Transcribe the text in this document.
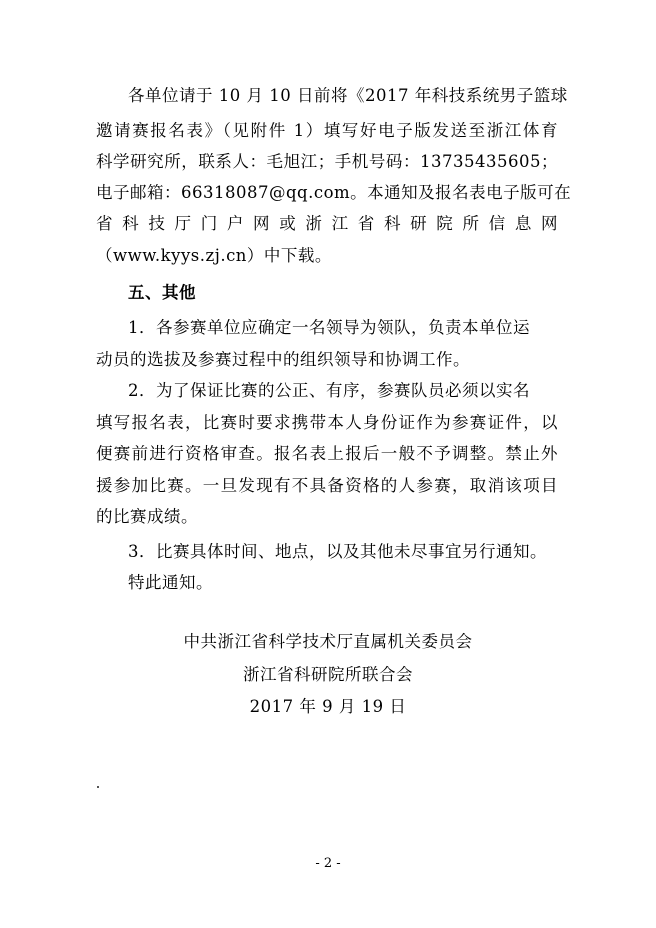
各单位请于 10 月 10 日前将《2017 年科技系统男子篮球
邀请赛报名表》（见附件 1）填写好电子版发送至浙江体育
科学研究所，联系人：毛旭江；手机号码：13735435605；
电子邮箱：66318087@qq.com。本通知及报名表电子版可在
省科技厅门户网或浙江省科研院所信息网
（www.kyys.zj.cn）中下载。
五、其他
1．各参赛单位应确定一名领导为领队，负责本单位运
动员的选拔及参赛过程中的组织领导和协调工作。
2．为了保证比赛的公正、有序，参赛队员必须以实名
填写报名表，比赛时要求携带本人身份证作为参赛证件，以
便赛前进行资格审查。报名表上报后一般不予调整。禁止外
援参加比赛。一旦发现有不具备资格的人参赛，取消该项目
的比赛成绩。
3．比赛具体时间、地点，以及其他未尽事宜另行通知。
特此通知。
中共浙江省科学技术厅直属机关委员会
浙江省科研院所联合会
2017 年 9 月 19 日
- 2 -
